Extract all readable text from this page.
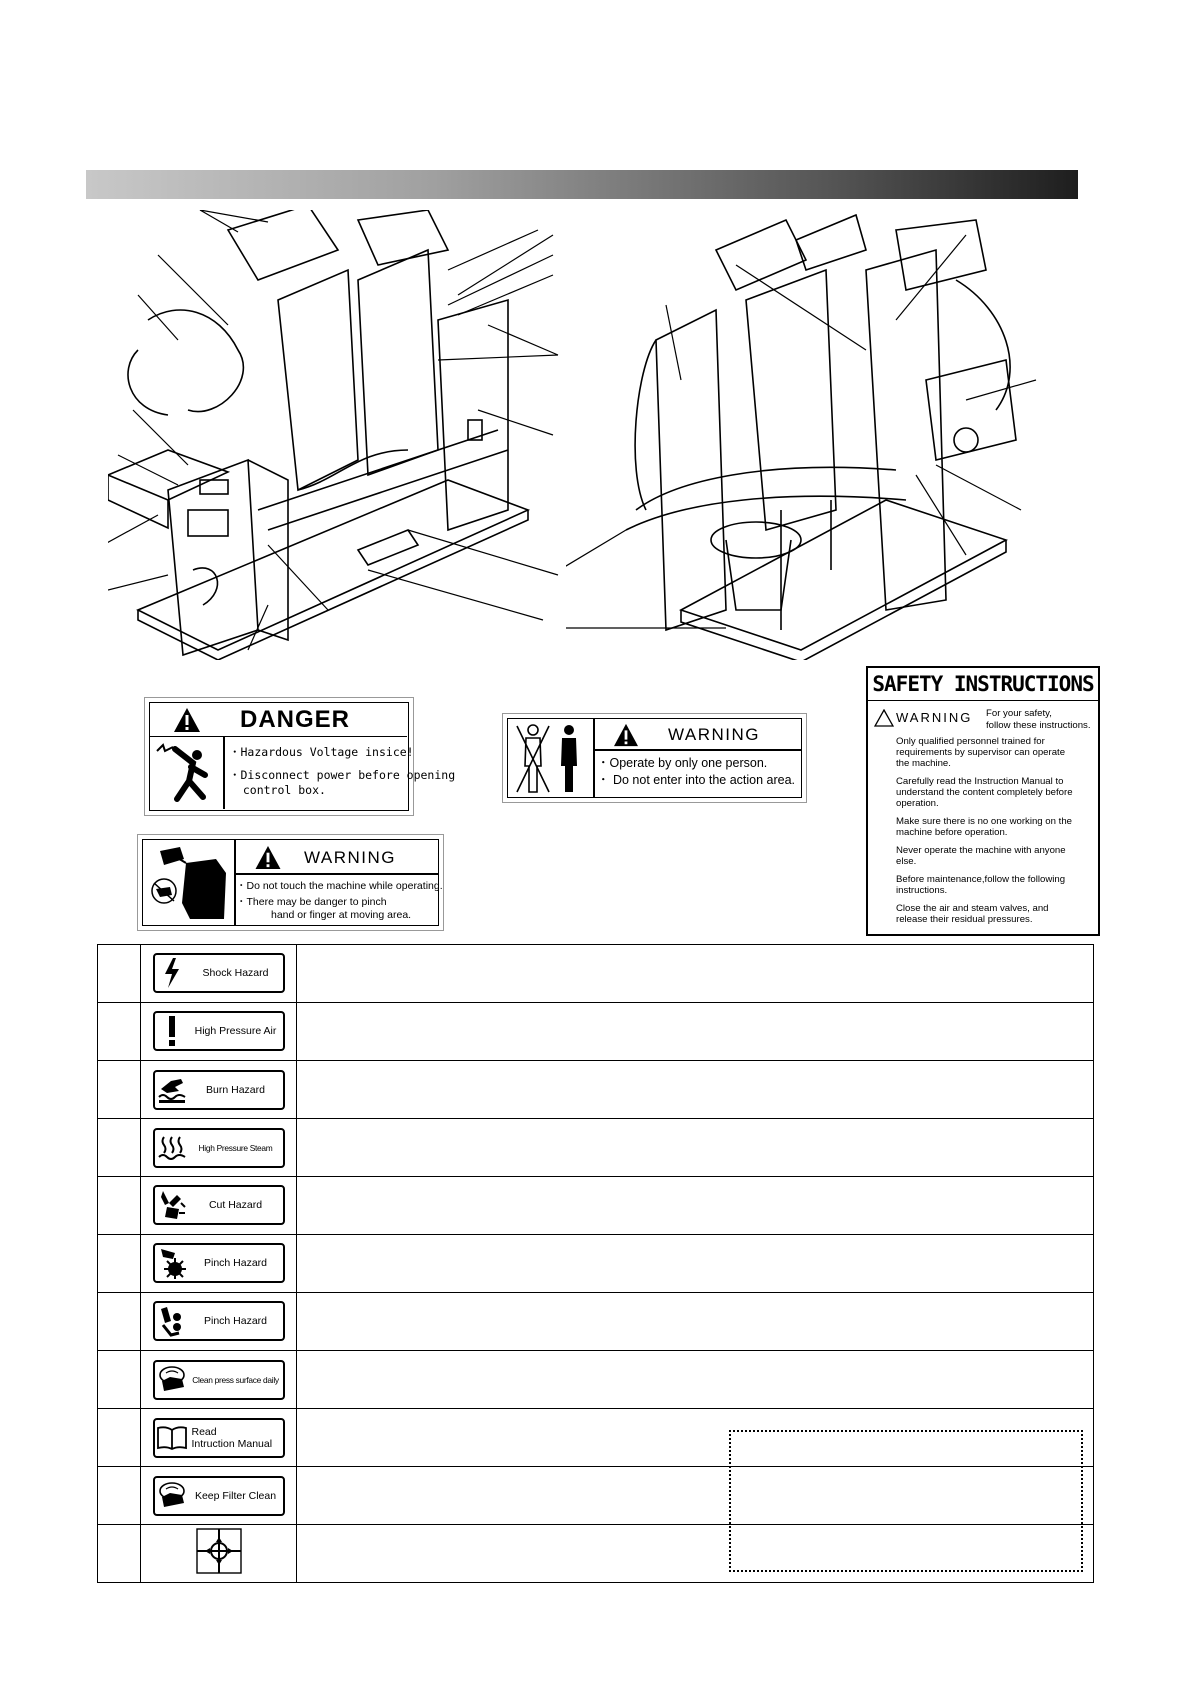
DANGER
・Hazardous Voltage insice!
・Disconnect power before opening
control box.
WARNING
・Operate by only one person.
・ Do not enter into the action area.
WARNING
・Do not touch the machine while operating.
・There may be danger to pinch
hand or finger at moving area.
SAFETY INSTRUCTIONS
WARNING For your safety,
follow these instructions.
Only qualified personnel trained for
requirements by supervisor can operate
the machine.
Carefully read the Instruction Manual to
understand the content completely before
operation.
Make sure there is no one working on the
machine before operation.
Never operate the machine with anyone
else.
Before maintenance,follow the following
instructions.
Close the air and steam valves, and
release their residual pressures.

	Shock Hazard	

	High Pressure Air	

	Burn Hazard	

	High Pressure Steam	

	Cut Hazard	

	Pinch Hazard	

	Pinch Hazard	

	Clean press surface daily	

	Read
Intruction Manual	

	Keep Filter Clean	
